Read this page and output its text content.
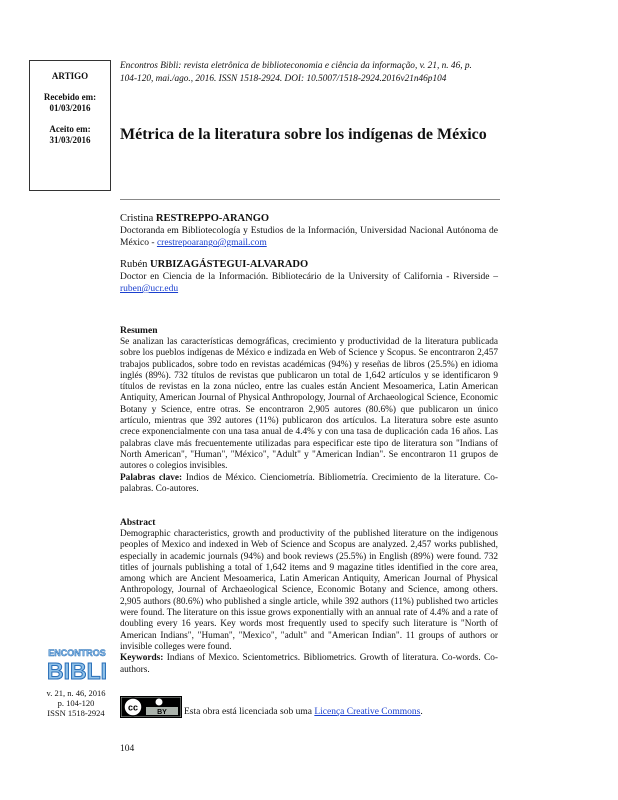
ARTIGO
Recebido em:
01/03/2016
Aceito em:
31/03/2016
Encontros Bibli: revista eletrônica de biblioteconomia e ciência da informação, v. 21, n. 46, p.
104-120, mai./ago., 2016. ISSN 1518-2924. DOI: 10.5007/1518-2924.2016v21n46p104
Métrica de la literatura sobre los indígenas de México
Cristina RESTREPPO-ARANGO
Doctoranda em Bibliotecología y Estudios de la Información, Universidad Nacional Autónoma de México - crestrepoarango@gmail.com
Rubén URBIZAGÁSTEGUI-ALVARADO
Doctor en Ciencia de la Información. Bibliotecário de la University of California - Riverside – ruben@ucr.edu
Resumen
Se analizan las características demográficas, crecimiento y productividad de la literatura publicada sobre los pueblos indígenas de México e indizada en Web of Science y Scopus. Se encontraron 2,457 trabajos publicados, sobre todo en revistas académicas (94%) y reseñas de libros (25.5%) en idioma inglés (89%). 732 títulos de revistas que publicaron un total de 1,642 artículos y se identificaron 9 títulos de revistas en la zona núcleo, entre las cuales están Ancient Mesoamerica, Latin American Antiquity, American Journal of Physical Anthropology, Journal of Archaeological Science, Economic Botany y Science, entre otras. Se encontraron 2,905 autores (80.6%) que publicaron un único artículo, mientras que 392 autores (11%) publicaron dos artículos. La literatura sobre este asunto crece exponencialmente con una tasa anual de 4.4% y con una tasa de duplicación cada 16 años. Las palabras clave más frecuentemente utilizadas para especificar este tipo de literatura son "Indians of North American", "Human", "México", "Adult" y "American Indian". Se encontraron 11 grupos de autores o colegios invisibles.
Palabras clave: Indios de México. Cienciometría. Bibliometría. Crecimiento de la literature. Co-palabras. Co-autores.
Abstract
Demographic characteristics, growth and productivity of the published literature on the indigenous peoples of Mexico and indexed in Web of Science and Scopus are analyzed. 2,457 works published, especially in academic journals (94%) and book reviews (25.5%) in English (89%) were found. 732 titles of journals publishing a total of 1,642 items and 9 magazine titles identified in the core area, among which are Ancient Mesoamerica, Latin American Antiquity, American Journal of Physical Anthropology, Journal of Archaeological Science, Economic Botany and Science, among others. 2,905 authors (80.6%) who published a single article, while 392 authors (11%) published two articles were found. The literature on this issue grows exponentially with an annual rate of 4.4% and a rate of doubling every 16 years. Key words most frequently used to specify such literature is "North of American Indians", "Human", "Mexico", "adult" and "American Indian". 11 groups of authors or invisible colleges were found.
Keywords: Indians of Mexico. Scientometrics. Bibliometrics. Growth of literatura. Co-words. Co-authors.
ENCONTROS
BIBLI
v. 21, n. 46, 2016
p. 104-120
ISSN 1518-2924
cc	BY Esta obra está licenciada sob uma Licença Creative Commons.
104
